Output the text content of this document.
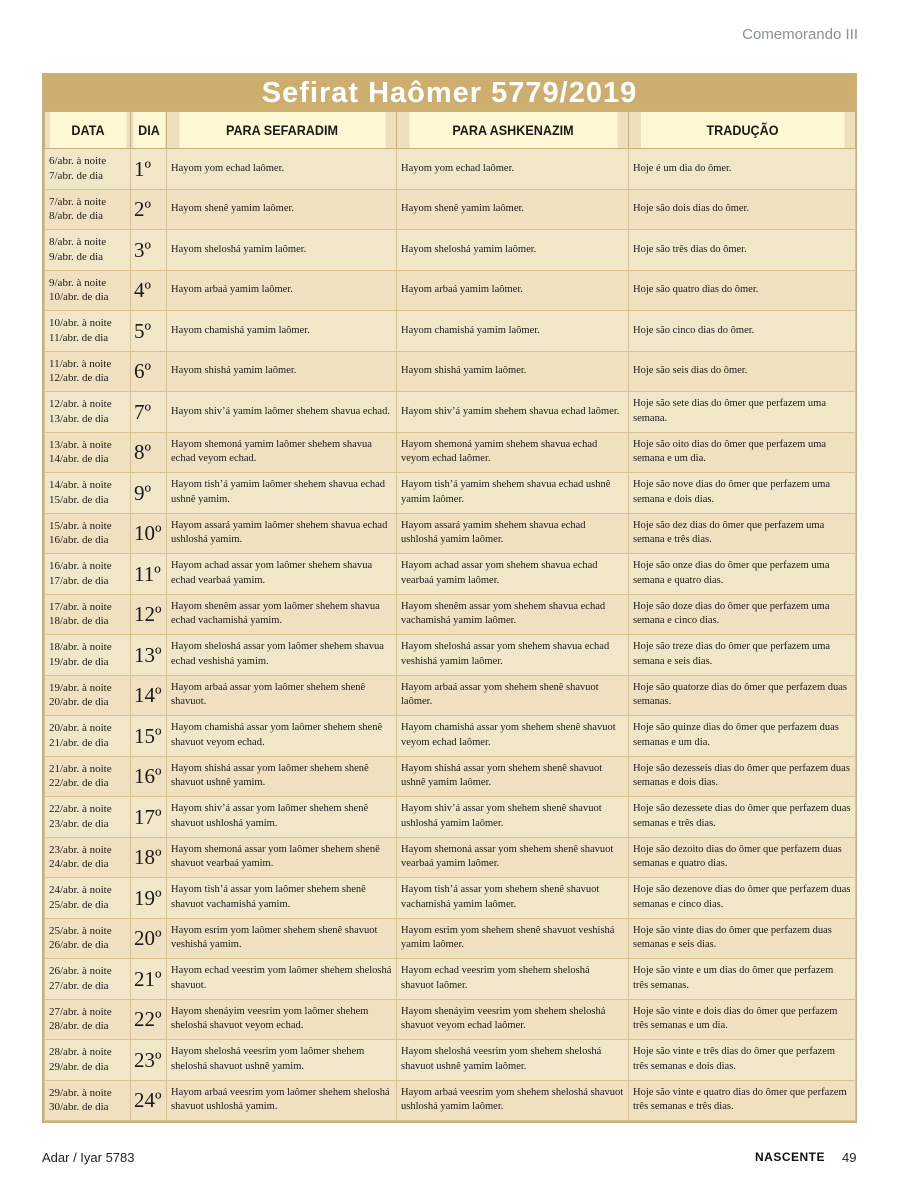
Comemorando III
Sefirat Haômer 5779/2019
DATA	DIA	PARA SEFARADIM	PARA ASHKENAZIM	TRADUÇÃO

6/abr. à noite
7/abr. de dia	1º	Hayom yom echad laômer.	Hayom yom echad laômer.	Hoje é um dia do ômer.

7/abr. à noite
8/abr. de dia	2º	Hayom shenê yamim laômer.	Hayom shenê yamim laômer.	Hoje são dois dias do ômer.

8/abr. à noite
9/abr. de dia	3º	Hayom sheloshá yamim laômer.	Hayom sheloshá yamim laômer.	Hoje são três dias do ômer.

9/abr. à noite
10/abr. de dia	4º	Hayom arbaá yamim laômer.	Hayom arbaá yamim laômer.	Hoje são quatro dias do ômer.

10/abr. à noite
11/abr. de dia	5º	Hayom chamishá yamim laômer.	Hayom chamishá yamim laômer.	Hoje são cinco dias do ômer.

11/abr. à noite
12/abr. de dia	6º	Hayom shishá yamim laômer.	Hayom shishá yamim laômer.	Hoje são seis dias do ômer.

12/abr. à noite
13/abr. de dia	7º	Hayom shiv’á yamim laômer shehem shavua echad.	Hayom shiv’á yamim shehem shavua echad laômer.	Hoje são sete dias do ômer que perfazem uma semana.

13/abr. à noite
14/abr. de dia	8º	Hayom shemoná yamim laômer shehem shavua echad veyom echad.	Hayom shemoná yamim shehem shavua echad veyom echad laômer.	Hoje são oito dias do ômer que perfazem uma semana e um dia.

14/abr. à noite
15/abr. de dia	9º	Hayom tish’á yamim laômer shehem shavua echad ushnê yamim.	Hayom tish’á yamim shehem shavua echad ushnê yamim laômer.	Hoje são nove dias do ômer que perfazem uma semana e dois dias.

15/abr. à noite
16/abr. de dia	10º	Hayom assará yamim laômer shehem shavua echad ushloshá yamim.	Hayom assará yamim shehem shavua echad ushloshá yamim laômer.	Hoje são dez dias do ômer que perfazem uma semana e três dias.

16/abr. à noite
17/abr. de dia	11º	Hayom achad assar yom laômer shehem shavua echad vearbaá yamim.	Hayom achad assar yom shehem shavua echad vearbaá yamim laômer.	Hoje são onze dias do ômer que perfazem uma semana e quatro dias.

17/abr. à noite
18/abr. de dia	12º	Hayom shenêm assar yom laômer shehem shavua echad vachamishá yamim.	Hayom shenêm assar yom shehem shavua echad vachamishá yamim laômer.	Hoje são doze dias do ômer que perfazem uma semana e cinco dias.

18/abr. à noite
19/abr. de dia	13º	Hayom sheloshá assar yom laômer shehem shavua echad veshishá yamim.	Hayom sheloshá assar yom shehem shavua echad veshishá yamim laômer.	Hoje são treze dias do ômer que perfazem uma semana e seis dias.

19/abr. à noite
20/abr. de dia	14º	Hayom arbaá assar yom laômer shehem shenê shavuot.	Hayom arbaá assar yom shehem shenê shavuot laômer.	Hoje são quatorze dias do ômer que perfazem duas semanas.

20/abr. à noite
21/abr. de dia	15º	Hayom chamishá assar yom laômer shehem shenê shavuot veyom echad.	Hayom chamishá assar yom shehem shenê shavuot veyom echad laômer.	Hoje são quinze dias do ômer que perfazem duas semanas e um dia.

21/abr. à noite
22/abr. de dia	16º	Hayom shishá assar yom laômer shehem shenê shavuot ushnê yamim.	Hayom shishá assar yom shehem shenê shavuot ushnê yamim laômer.	Hoje são dezesseis dias do ômer que perfazem duas semanas e dois dias.

22/abr. à noite
23/abr. de dia	17º	Hayom shiv’á assar yom laômer shehem shenê shavuot ushloshá yamim.	Hayom shiv’á assar yom shehem shenê shavuot ushloshá yamim laômer.	Hoje são dezessete dias do ômer que perfazem duas semanas e três dias.

23/abr. à noite
24/abr. de dia	18º	Hayom shemoná assar yom laômer shehem shenê shavuot vearbaá yamim.	Hayom shemoná assar yom shehem shenê shavuot vearbaá yamim laômer.	Hoje são dezoito dias do ômer que perfazem duas semanas e quatro dias.

24/abr. à noite
25/abr. de dia	19º	Hayom tish’á assar yom laômer shehem shenê shavuot vachamishá yamim.	Hayom tish’á assar yom shehem shenê shavuot vachamishá yamim laômer.	Hoje são dezenove dias do ômer que perfazem duas semanas e cinco dias.

25/abr. à noite
26/abr. de dia	20º	Hayom esrim yom laômer shehem shenê shavuot veshishá yamim.	Hayom esrim yom shehem shenê shavuot veshishá yamim laômer.	Hoje são vinte dias do ômer que perfazem duas semanas e seis dias.

26/abr. à noite
27/abr. de dia	21º	Hayom echad veesrim yom laômer shehem sheloshá shavuot.	Hayom echad veesrim yom shehem sheloshá shavuot laômer.	Hoje são vinte e um dias do ômer que perfazem três semanas.

27/abr. à noite
28/abr. de dia	22º	Hayom shenáyim veesrim yom laômer shehem sheloshá shavuot veyom echad.	Hayom shenáyim veesrim yom shehem sheloshá shavuot veyom echad laômer.	Hoje são vinte e dois dias do ômer que perfazem três semanas e um dia.

28/abr. à noite
29/abr. de dia	23º	Hayom sheloshá veesrim yom laômer shehem sheloshá shavuot ushnê yamim.	Hayom sheloshá veesrim yom shehem sheloshá shavuot ushnê yamim laômer.	Hoje são vinte e três dias do ômer que perfazem três semanas e dois dias.

29/abr. à noite
30/abr. de dia	24º	Hayom arbaá veesrim yom laômer shehem sheloshá shavuot ushloshá yamim.	Hayom arbaá veesrim yom shehem sheloshá shavuot ushloshá yamim laômer.	Hoje são vinte e quatro dias do ômer que perfazem três semanas e três dias.
Adar / Iyar 5783	NASCENTE 49
